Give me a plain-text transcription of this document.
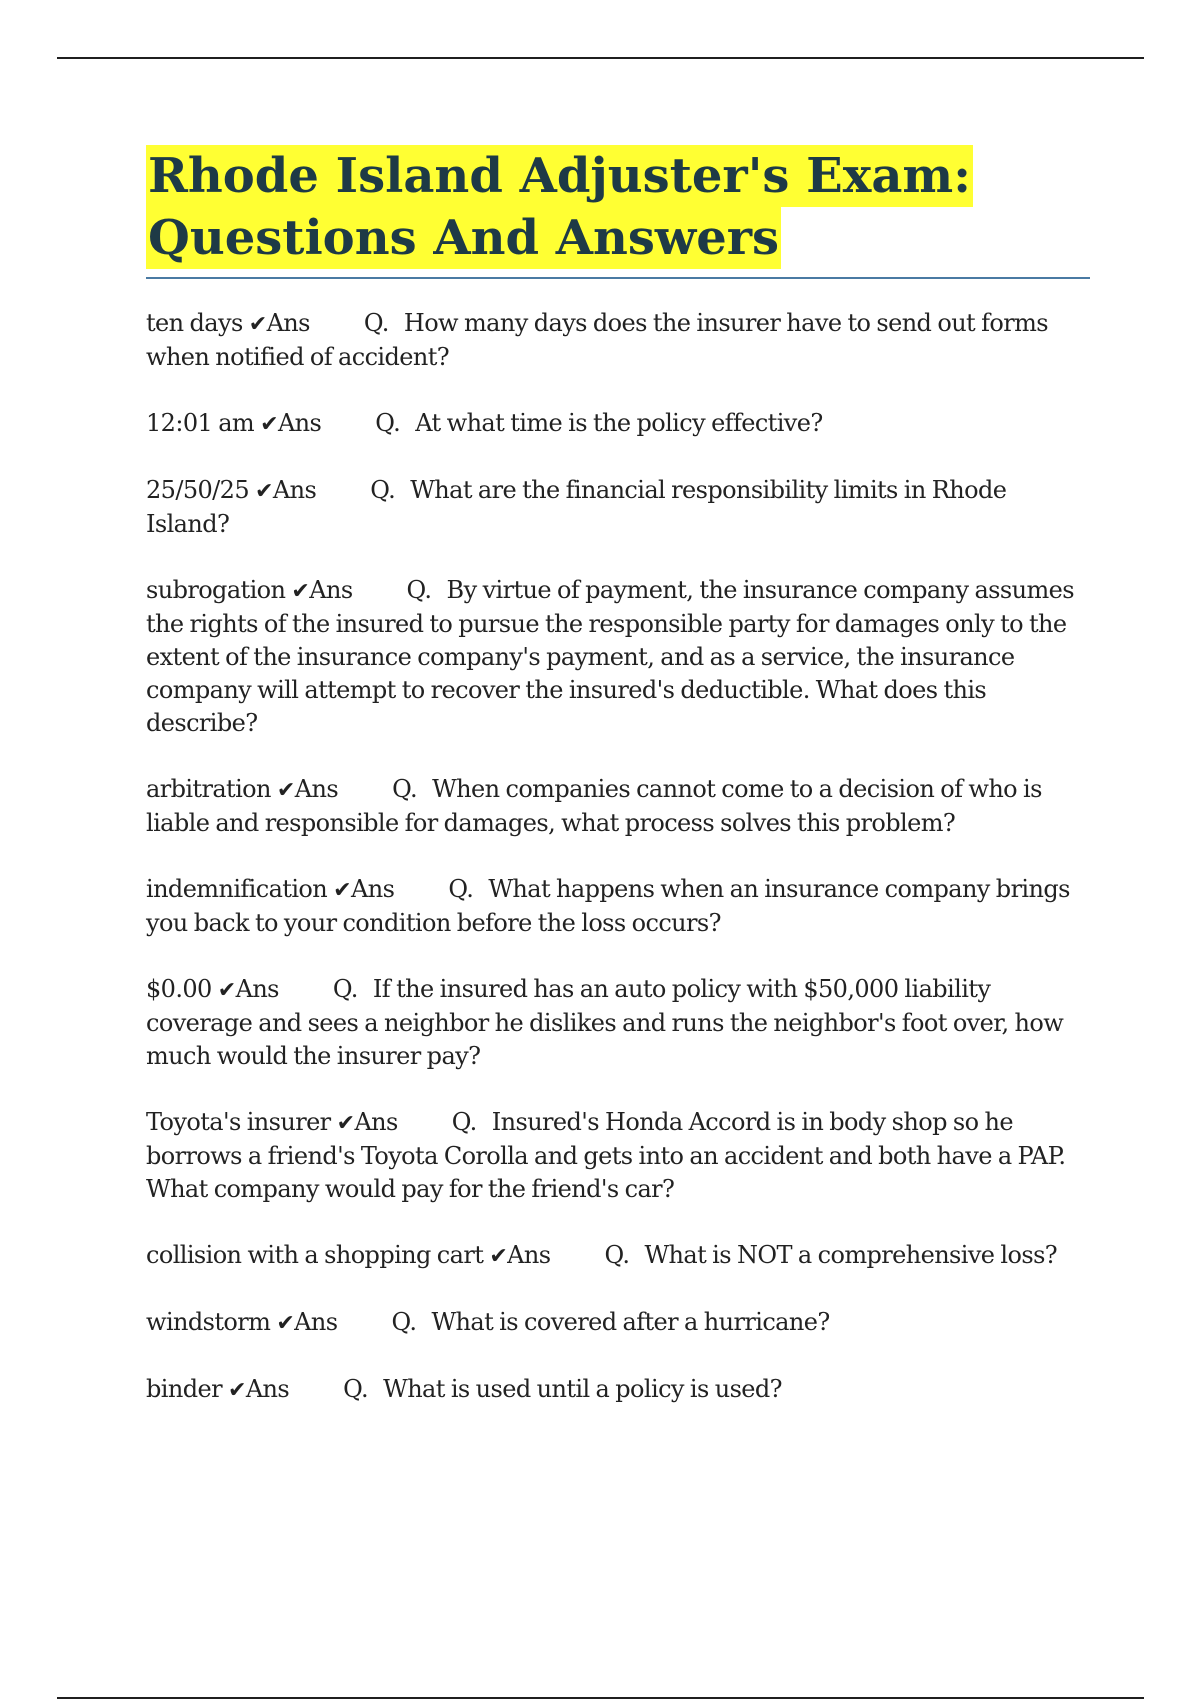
Rhode Island Adjuster's Exam:
Questions And Answers

ten days ✔Ans Q. How many days does the insurer have to send out forms when notified of accident?

12:01 am ✔Ans Q. At what time is the policy effective?

25/50/25 ✔Ans Q. What are the financial responsibility limits in Rhode Island?

subrogation ✔Ans Q. By virtue of payment, the insurance company assumes the rights of the insured to pursue the responsible party for damages only to the extent of the insurance company's payment, and as a service, the insurance company will attempt to recover the insured's deductible. What does this describe?

arbitration ✔Ans Q. When companies cannot come to a decision of who is liable and responsible for damages, what process solves this problem?

indemnification ✔Ans Q. What happens when an insurance company brings you back to your condition before the loss occurs?

$0.00 ✔Ans Q. If the insured has an auto policy with $50,000 liability coverage and sees a neighbor he dislikes and runs the neighbor's foot over, how much would the insurer pay?

Toyota's insurer ✔Ans Q. Insured's Honda Accord is in body shop so he borrows a friend's Toyota Corolla and gets into an accident and both have a PAP. What company would pay for the friend's car?

collision with a shopping cart ✔Ans Q. What is NOT a comprehensive loss?

windstorm ✔Ans Q. What is covered after a hurricane?

binder ✔Ans Q. What is used until a policy is used?
